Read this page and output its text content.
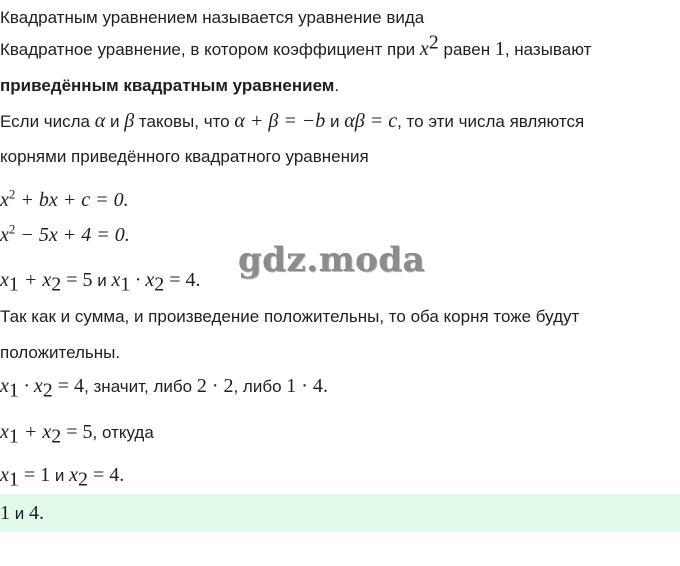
Квадратным уравнением называется уравнение вида
Квадратное уравнение, в котором коэффициент при $x^2$ равен 1, называют
приведённым квадратным уравнением.
Если числа α и β таковы, что α + β = −b и αβ = c, то эти числа являются
корнями приведённого квадратного уравнения
$x^2$ + bx + c = 0.
$x^2 - 5x + 4 = 0$.
$x_1 + x_2 = 5$ и $x_1 \cdot x_2 = 4$. gdz.moda
Так как и сумма, и произведение положительны, то оба корня тоже будут
положительны.
$x_1 \cdot x_2 = 4$, значит, либо 2 · 2, либо 1 · 4.
$x_1 + x_2 = 5$, откуда
$x_1 = 1$ и $x_2 = 4$.
1 и 4.
